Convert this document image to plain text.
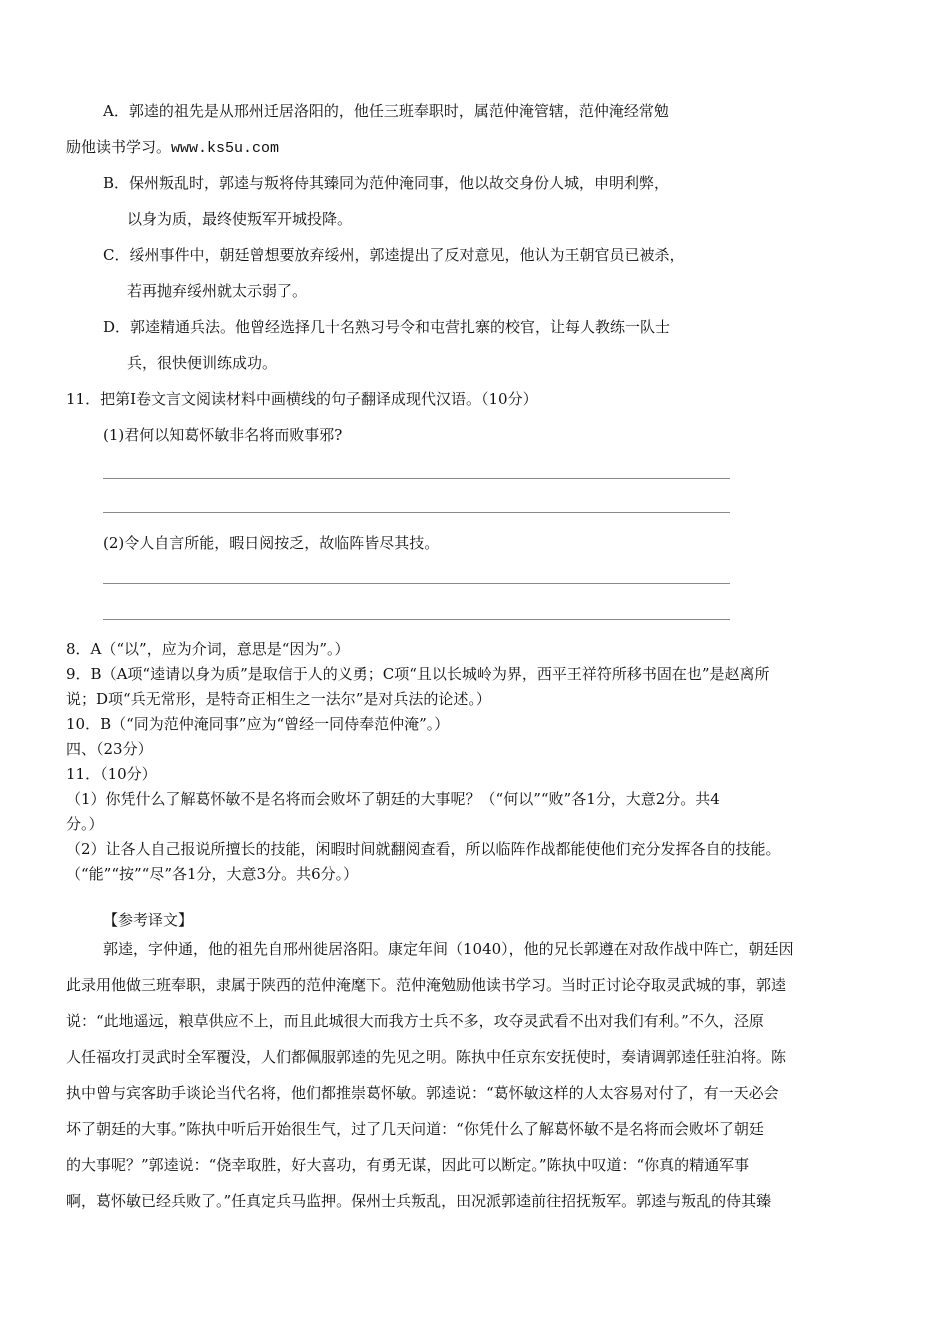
A．郭逵的祖先是从邢州迁居洛阳的，他任三班奉职时，属范仲淹管辖，范仲淹经常勉
励他读书学习。www.ks5u.com
B．保州叛乱时，郭逵与叛将侍其臻同为范仲淹同事，他以故交身份人城，申明利弊，
以身为质，最终使叛军开城投降。
C．绥州事件中，朝廷曾想要放弃绥州，郭逵提出了反对意见，他认为王朝官员已被杀，
若再抛弃绥州就太示弱了。
D．郭逵精通兵法。他曾经选择几十名熟习号令和屯营扎寨的校官，让每人教练一队士
兵，很快便训练成功。
11．把第Ⅰ卷文言文阅读材料中画横线的句子翻译成现代汉语。（10分）
(1)君何以知葛怀敏非名将而败事邪?
(2)令人自言所能，暇日阅按乏，故临阵皆尽其技。
8．A（“以”，应为介词，意思是“因为”。）
9．B（A项“逵请以身为质”是取信于人的义勇；C项“且以长城岭为界，西平王祥符所移书固在也”是赵离所
说；D项“兵无常形，是特奇正相生之一法尔”是对兵法的论述。）
10．B（“同为范仲淹同事”应为“曾经一同侍奉范仲淹”。）
四、（23分）
11．（10分）
（1）你凭什么了解葛怀敏不是名将而会败坏了朝廷的大事呢？（“何以”“败”各1分，大意2分。共4
分。）
（2）让各人自己报说所擅长的技能，闲暇时间就翻阅查看，所以临阵作战都能使他们充分发挥各自的技能。
（“能”“按”“尽”各1分，大意3分。共6分。）
【参考译文】
郭逵，字仲通，他的祖先自邢州徙居洛阳。康定年间（1040），他的兄长郭遵在对敌作战中阵亡，朝廷因
此录用他做三班奉职，隶属于陕西的范仲淹麾下。范仲淹勉励他读书学习。当时正讨论夺取灵武城的事，郭逵
说：“此地遥远，粮草供应不上，而且此城很大而我方士兵不多，攻夺灵武看不出对我们有利。”不久，泾原
人任福攻打灵武时全军覆没，人们都佩服郭逵的先见之明。陈执中任京东安抚使时，奏请调郭逵任驻泊将。陈
执中曾与宾客助手谈论当代名将，他们都推崇葛怀敏。郭逵说：“葛怀敏这样的人太容易对付了，有一天必会
坏了朝廷的大事。”陈执中听后开始很生气，过了几天问道：“你凭什么了解葛怀敏不是名将而会败坏了朝廷
的大事呢？”郭逵说：“侥幸取胜，好大喜功，有勇无谋，因此可以断定。”陈执中叹道：“你真的精通军事
啊，葛怀敏已经兵败了。”任真定兵马监押。保州士兵叛乱，田况派郭逵前往招抚叛军。郭逵与叛乱的侍其臻
